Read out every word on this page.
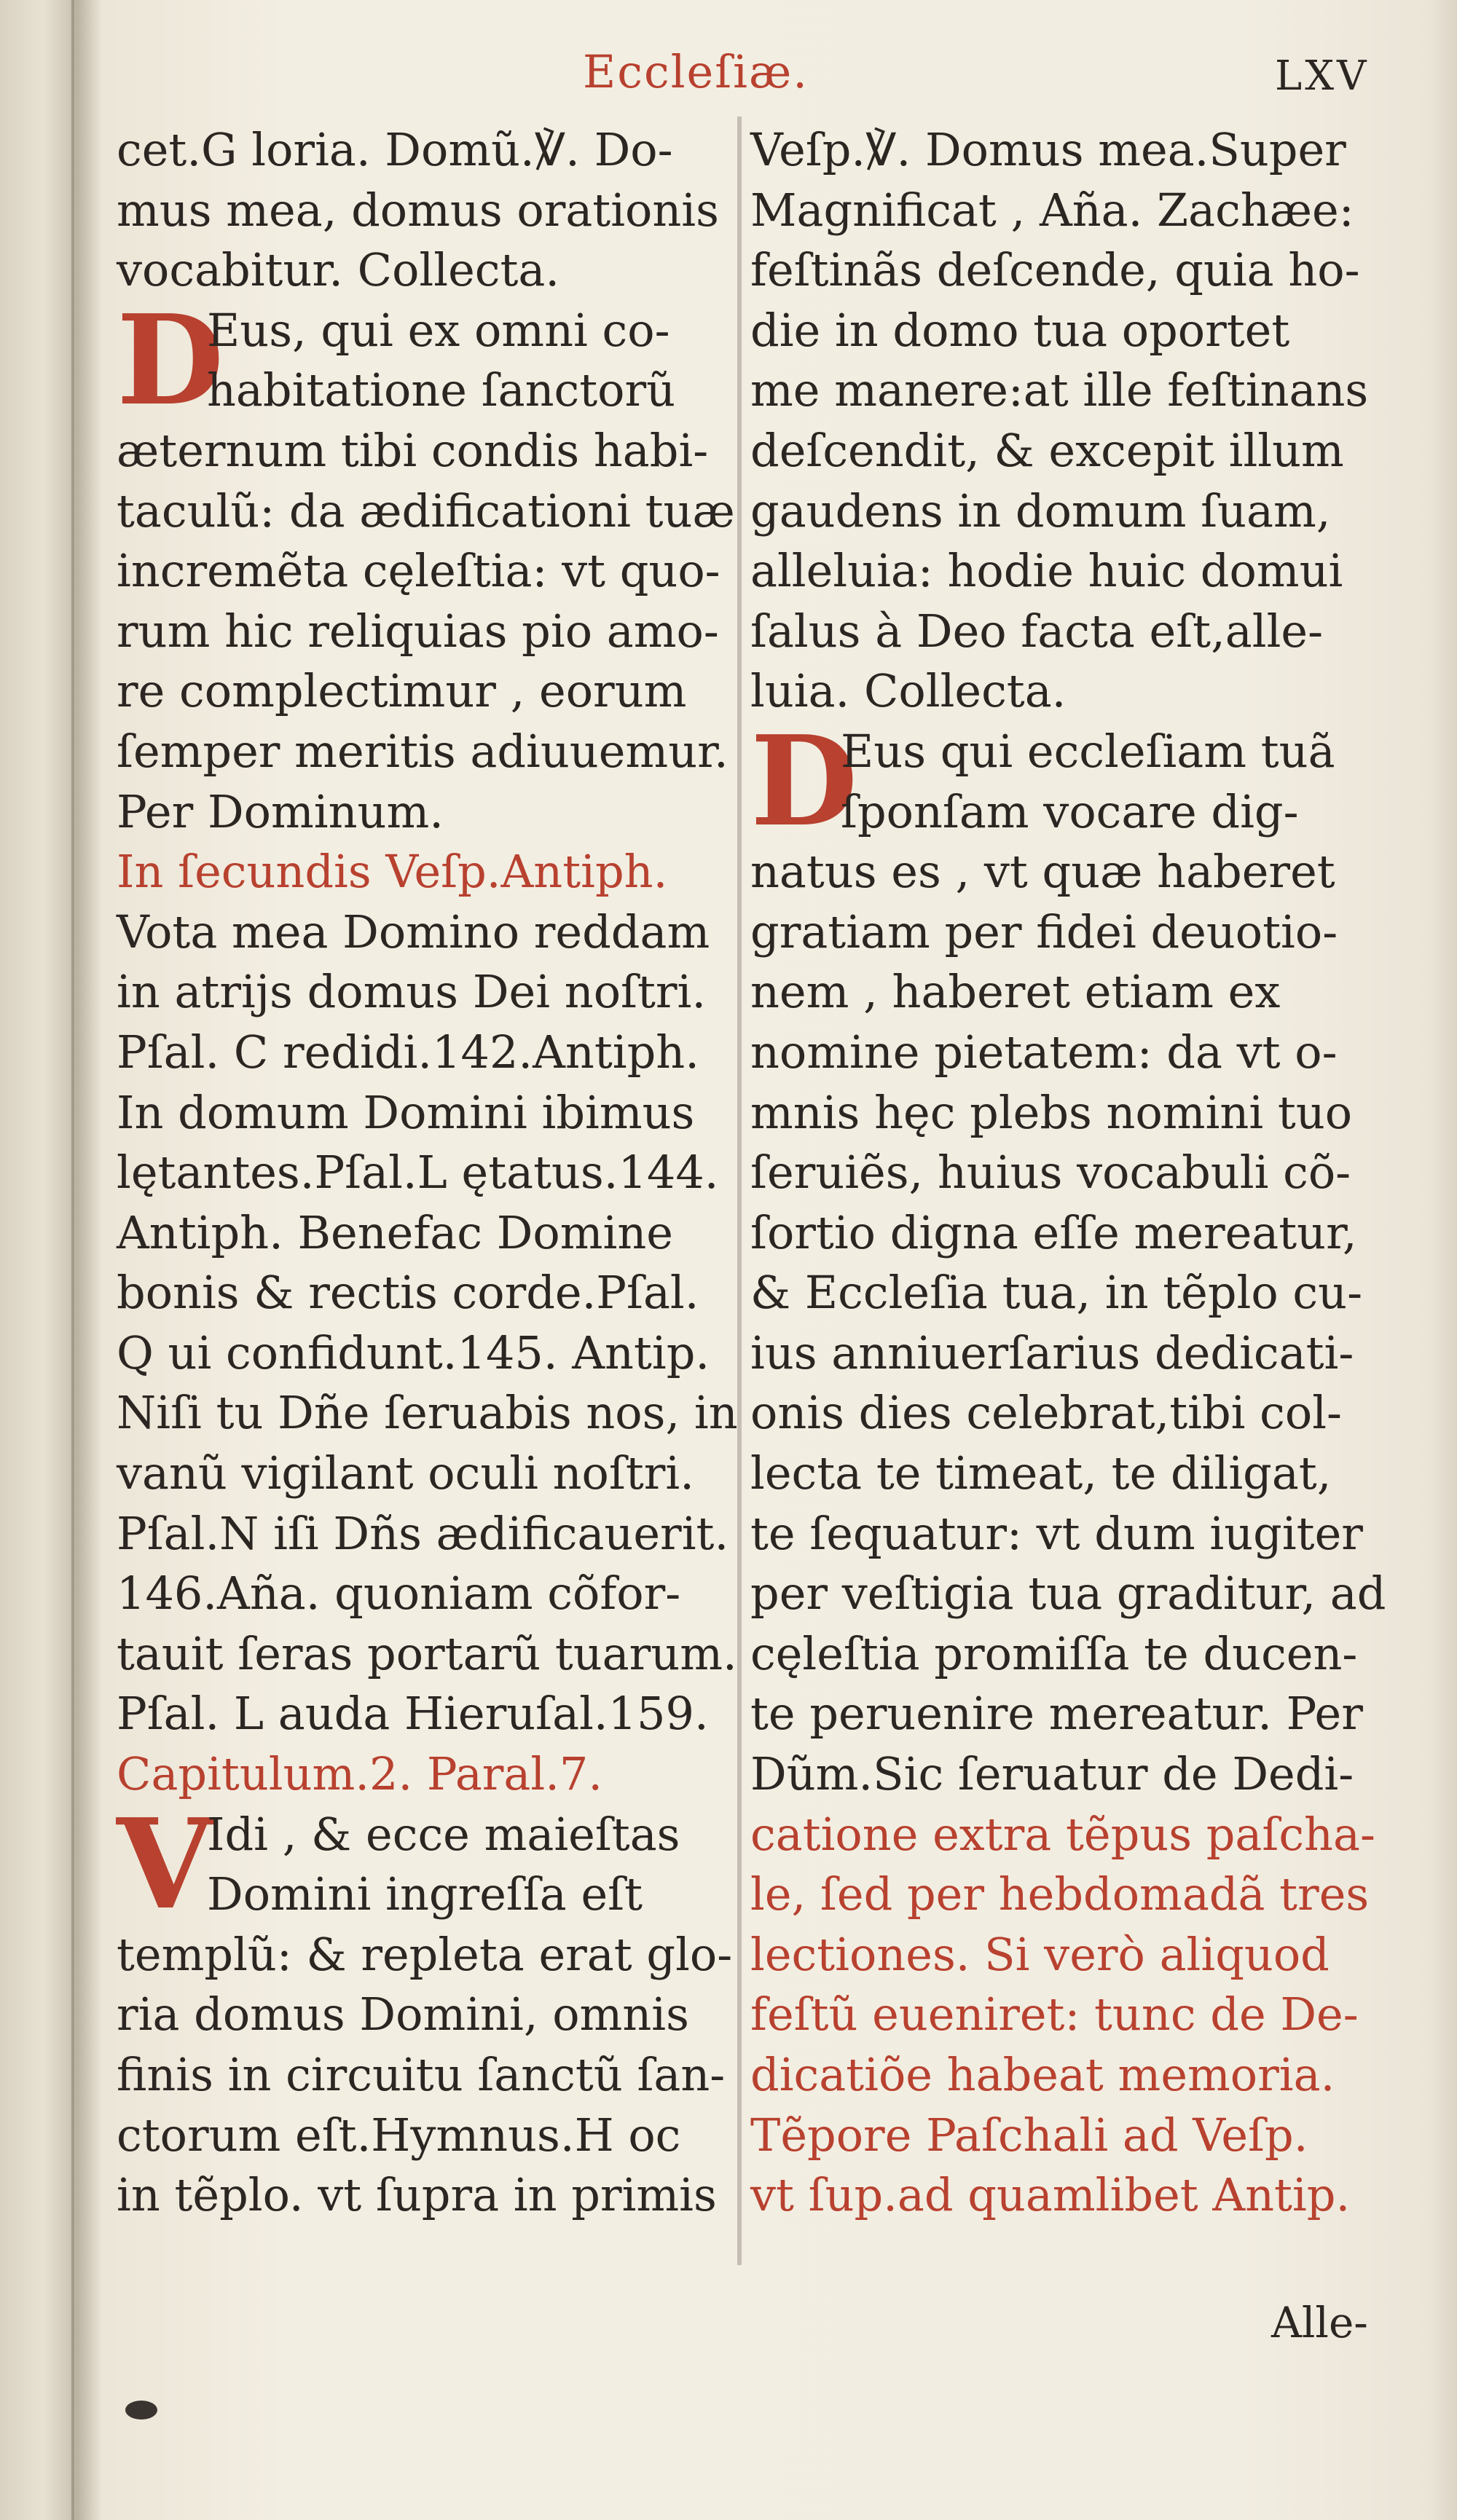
Eccleſiæ.	LXV
cet.G loria. Domũ.℣. Do-
mus mea, domus orationis
vocabitur. Collecta.
D
Eus, qui ex omni co-
habitatione ſanctorũ
æternum tibi condis habi-
taculũ: da ædificationi tuæ
incremẽta cęleſtia: vt quo-
rum hic reliquias pio amo-
re complectimur , eorum
ſemper meritis adiuuemur.
Per Dominum.
In ſecundis Veſp.Antiph.
Vota mea Domino reddam
in atrijs domus Dei noſtri.
Pſal. C redidi.142.Antiph.
In domum Domini ibimus
lętantes.Pſal.L ętatus.144.
Antiph. Benefac Domine
bonis & rectis corde.Pſal.
Q ui confidunt.145. Antip.
Niſi tu Dñe ſeruabis nos, in
vanũ vigilant oculi noſtri.
Pſal.N iſi Dñs ædificauerit.
146.Aña. quoniam cõfor-
tauit ſeras portarũ tuarum.
Pſal. L auda Hieruſal.159.
Capitulum.2. Paral.7.
V
Idi , & ecce maieſtas
Domini ingreſſa eſt
templũ: & repleta erat glo-
ria domus Domini, omnis
finis in circuitu ſanctũ ſan-
ctorum eſt.Hymnus.H oc
in tẽplo. vt ſupra in primis
Veſp.℣. Domus mea.Super
Magnificat , Aña. Zachæe:
feſtinãs deſcende, quia ho-
die in domo tua oportet
me manere:at ille feſtinans
deſcendit, & excepit illum
gaudens in domum ſuam,
alleluia: hodie huic domui
ſalus à Deo facta eſt,alle-
luia. Collecta.
D
Eus qui eccleſiam tuã
ſponſam vocare dig-
natus es , vt quæ haberet
gratiam per fidei deuotio-
nem , haberet etiam ex
nomine pietatem: da vt o-
mnis hęc plebs nomini tuo
ſeruiẽs, huius vocabuli cõ-
ſortio digna eſſe mereatur,
& Eccleſia tua, in tẽplo cu-
ius anniuerſarius dedicati-
onis dies celebrat,tibi col-
lecta te timeat, te diligat,
te ſequatur: vt dum iugiter
per veſtigia tua graditur, ad
cęleſtia promiſſa te ducen-
te peruenire mereatur. Per
Dũm.Sic ſeruatur de Dedi-
catione extra tẽpus paſcha-
le, ſed per hebdomadã tres
lectiones. Si verò aliquod
feſtũ eueniret: tunc de De-
dicatiõe habeat memoria.
Tẽpore Paſchali ad Veſp.
vt ſup.ad quamlibet Antip.
Alle-
